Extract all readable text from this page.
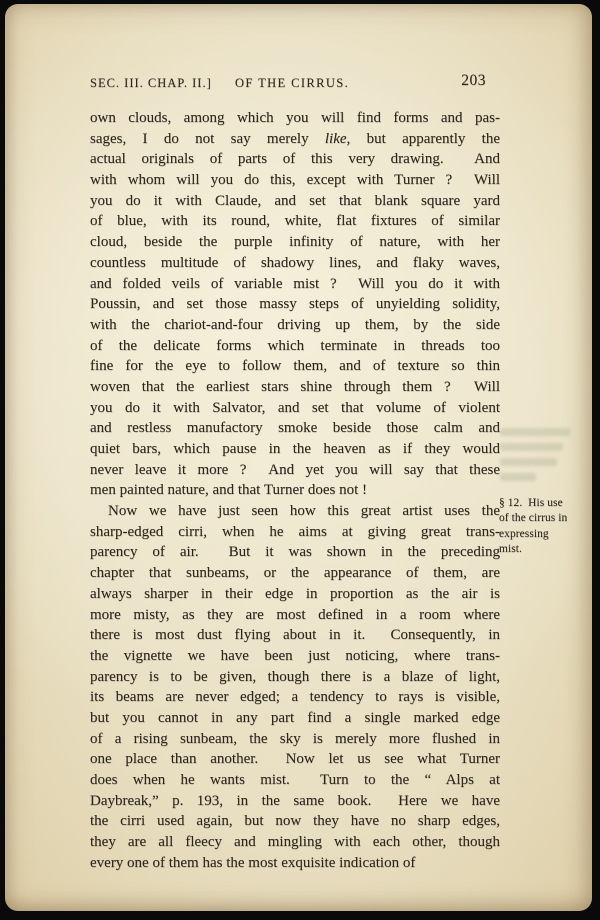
SEC. III. CHAP. II.] OF THE CIRRUS.	203
own clouds, among which you will find forms and pas-
sages, I do not say merely like, but apparently the
actual originals of parts of this very drawing.  And
with whom will you do this, except with Turner ?  Will
you do it with Claude, and set that blank square yard
of blue, with its round, white, flat fixtures of similar
cloud, beside the purple infinity of nature, with her
countless multitude of shadowy lines, and flaky waves,
and folded veils of variable mist ?  Will you do it with
Poussin, and set those massy steps of unyielding solidity,
with the chariot-and-four driving up them, by the side
of the delicate forms which terminate in threads too
fine for the eye to follow them, and of texture so thin
woven that the earliest stars shine through them ?  Will
you do it with Salvator, and set that volume of violent
and restless manufactory smoke beside those calm and
quiet bars, which pause in the heaven as if they would
never leave it more ?  And yet you will say that these
men painted nature, and that Turner does not !
Now we have just seen how this great artist uses the
sharp-edged cirri, when he aims at giving great trans-
parency of air.  But it was shown in the preceding
chapter that sunbeams, or the appearance of them, are
always sharper in their edge in proportion as the air is
more misty, as they are most defined in a room where
there is most dust flying about in it.  Consequently, in
the vignette we have been just noticing, where trans-
parency is to be given, though there is a blaze of light,
its beams are never edged; a tendency to rays is visible,
but you cannot in any part find a single marked edge
of a rising sunbeam, the sky is merely more flushed in
one place than another.  Now let us see what Turner
does when he wants mist.  Turn to the “ Alps at
Daybreak,” p. 193, in the same book.  Here we have
the cirri used again, but now they have no sharp edges,
they are all fleecy and mingling with each other, though
every one of them has the most exquisite indication of
§ 12.  His use
of the cirrus in
expressing
mist.
